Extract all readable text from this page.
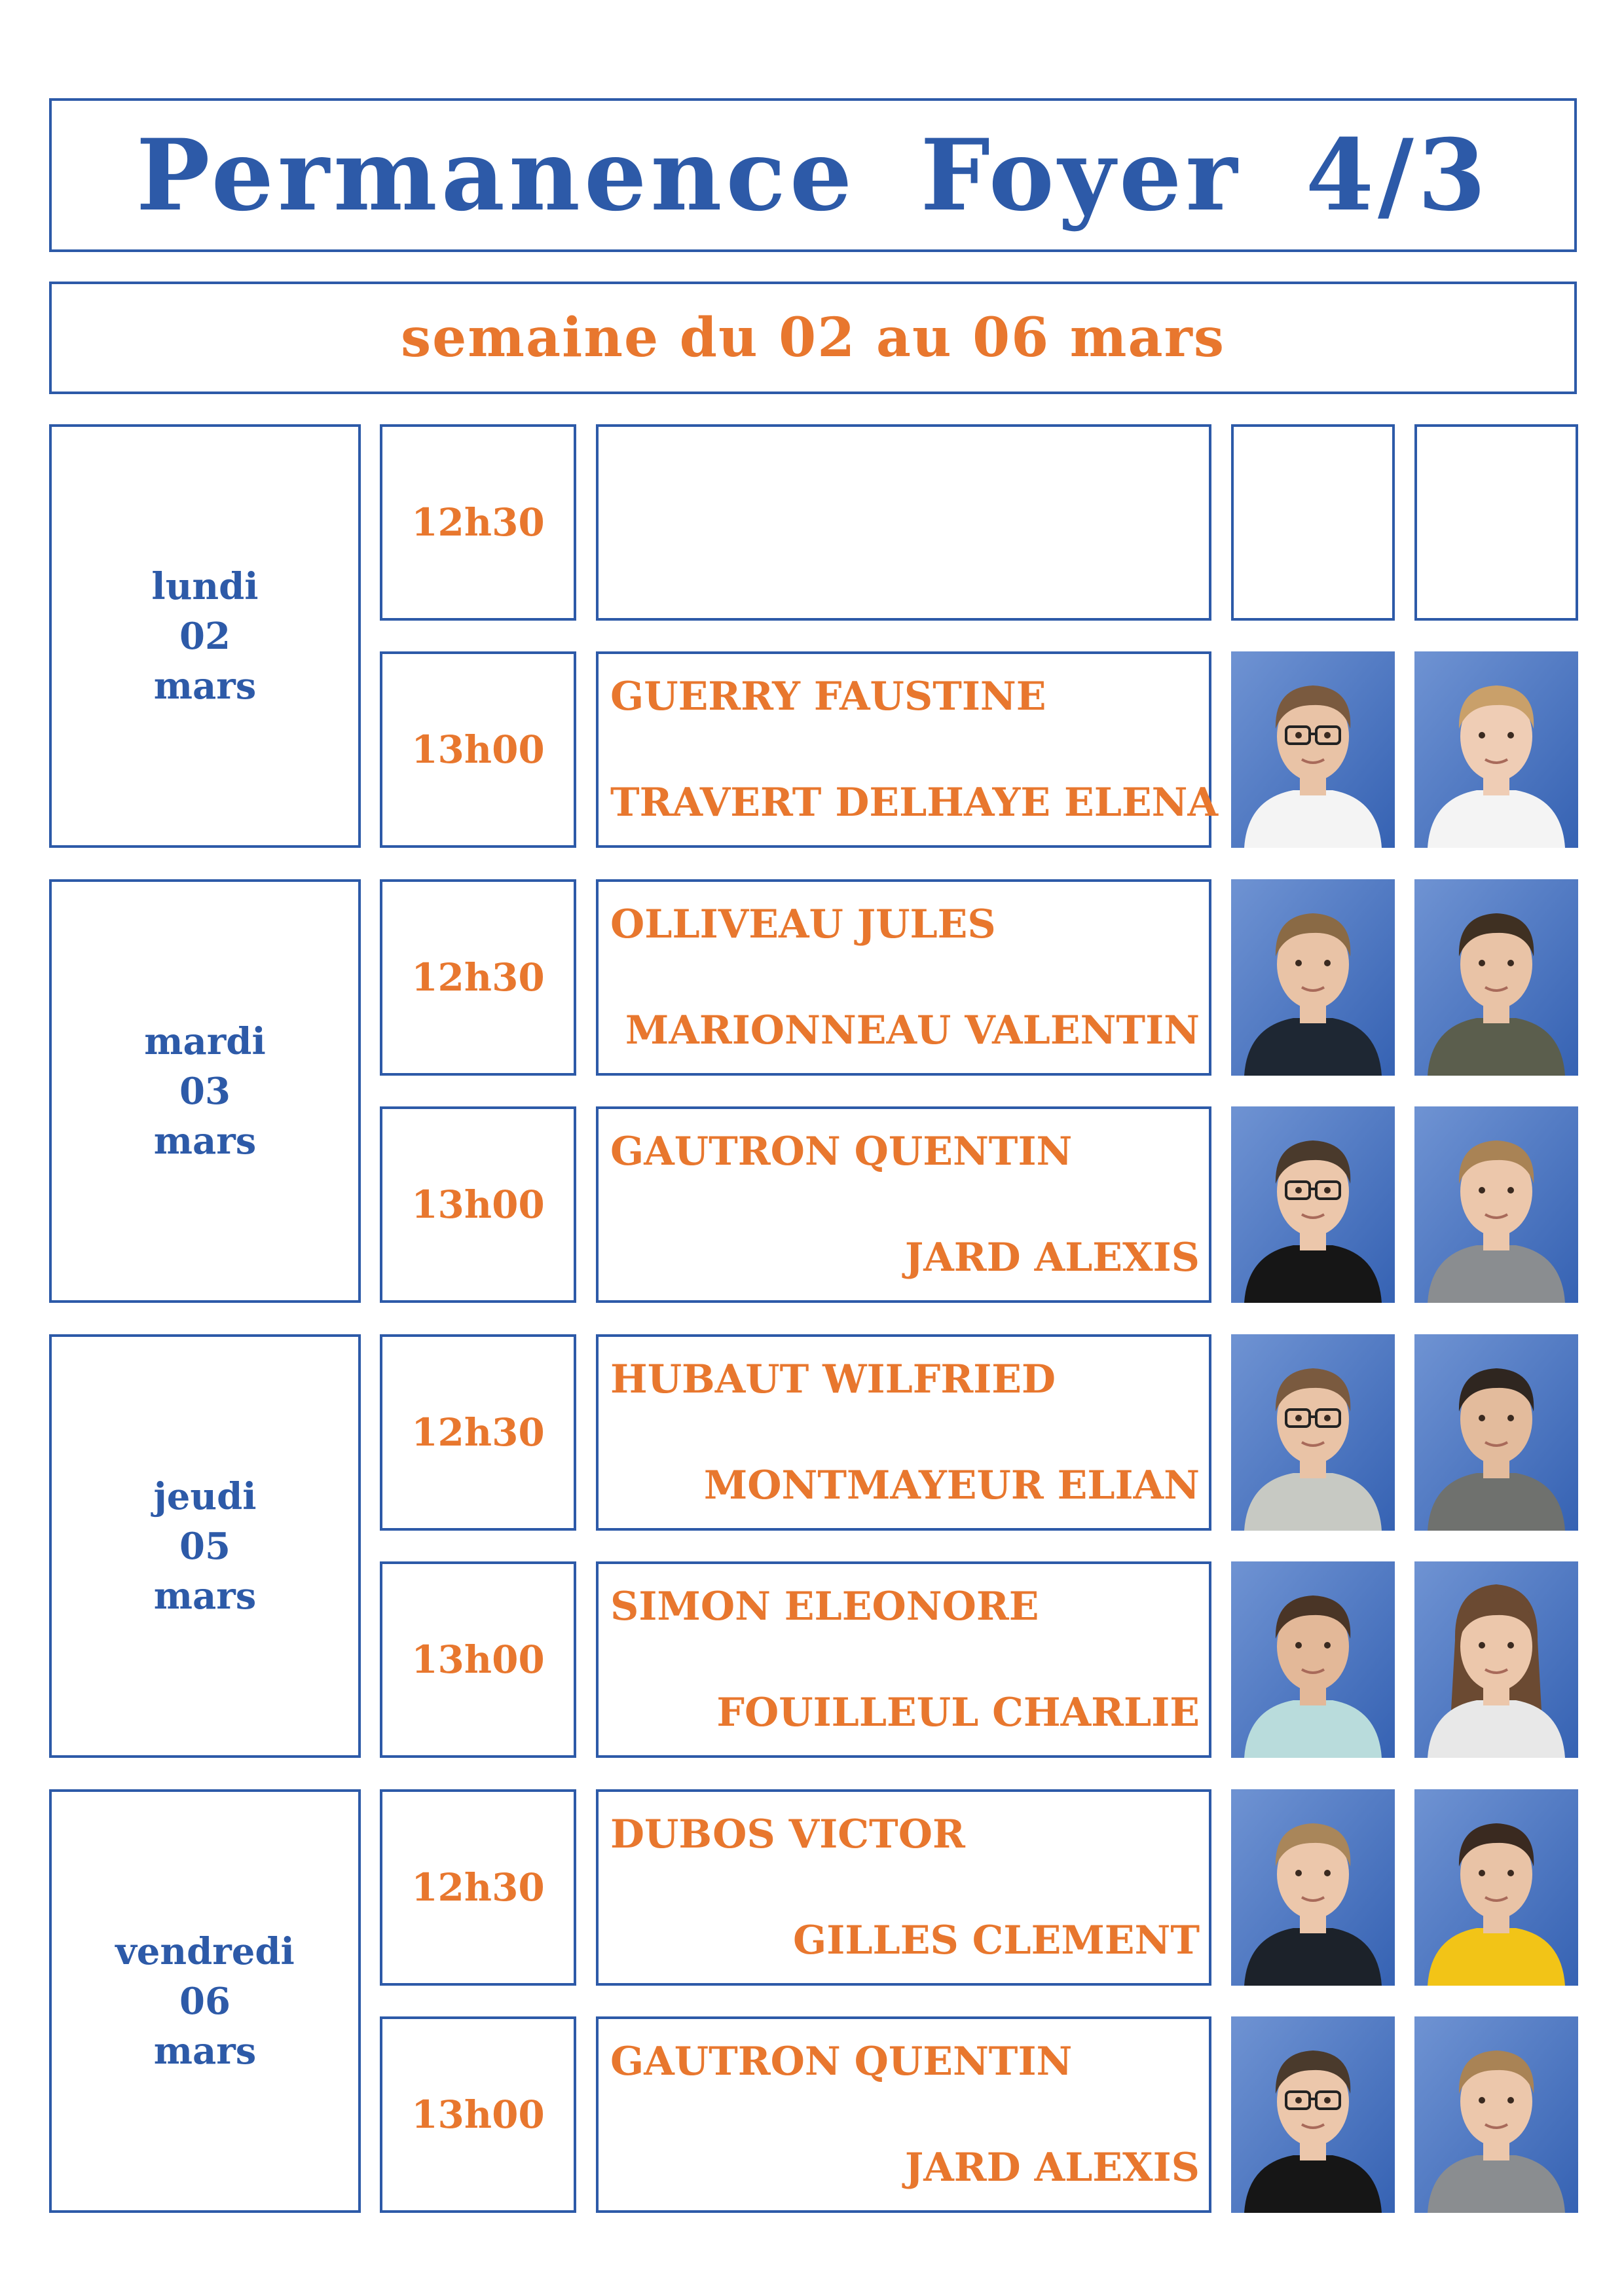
Permanence Foyer 4/3
semaine du 02 au 06 mars
lundi
02
mars
12h30
13h00
GUERRY FAUSTINE
TRAVERT DELHAYE ELENA
mardi
03
mars
12h30
OLLIVEAU JULES
MARIONNEAU VALENTIN
13h00
GAUTRON QUENTIN
JARD ALEXIS
jeudi
05
mars
12h30
HUBAUT WILFRIED
MONTMAYEUR ELIAN
13h00
SIMON ELEONORE
FOUILLEUL CHARLIE
vendredi
06
mars
12h30
DUBOS VICTOR
GILLES CLEMENT
13h00
GAUTRON QUENTIN
JARD ALEXIS
